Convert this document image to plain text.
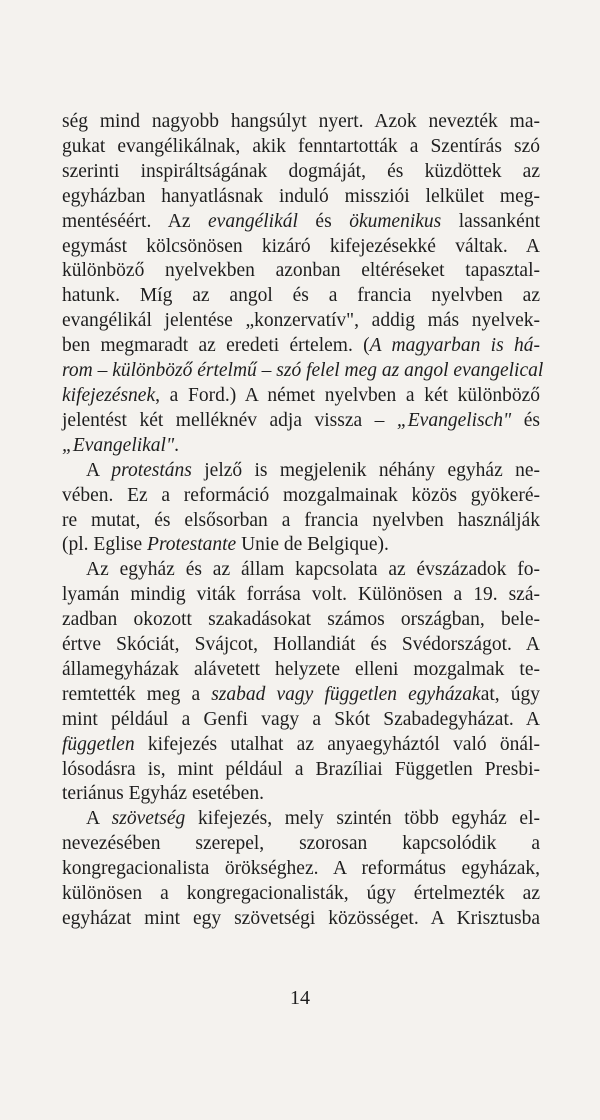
ség mind nagyobb hangsúlyt nyert. Azok nevezték ma-
gukat evangélikálnak, akik fenntartották a Szentírás szó
szerinti inspiráltságának dogmáját, és küzdöttek az
egyházban hanyatlásnak induló missziói lelkület meg-
mentéséért. Az evangélikál és ökumenikus lassanként
egymást kölcsönösen kizáró kifejezésekké váltak. A
különböző nyelvekben azonban eltéréseket tapasztal-
hatunk. Míg az angol és a francia nyelvben az
evangélikál jelentése „konzervatív", addig más nyelvek-
ben megmaradt az eredeti értelem. (A magyarban is há-
rom – különböző értelmű – szó felel meg az angol evangelical
kifejezésnek, a Ford.) A német nyelvben a két különböző
jelentést két melléknév adja vissza – „Evangelisch" és
„Evangelikal".
A protestáns jelző is megjelenik néhány egyház ne-
vében. Ez a reformáció mozgalmainak közös gyökeré-
re mutat, és elsősorban a francia nyelvben használják
(pl. Eglise Protestante Unie de Belgique).
Az egyház és az állam kapcsolata az évszázadok fo-
lyamán mindig viták forrása volt. Különösen a 19. szá-
zadban okozott szakadásokat számos országban, bele-
értve Skóciát, Svájcot, Hollandiát és Svédországot. A
államegyházak alávetett helyzete elleni mozgalmak te-
remtették meg a szabad vagy független egyházakat, úgy
mint például a Genfi vagy a Skót Szabadegyházat. A
független kifejezés utalhat az anyaegyháztól való önál-
lósodásra is, mint például a Brazíliai Független Presbi-
teriánus Egyház esetében.
A szövetség kifejezés, mely szintén több egyház el-
nevezésében szerepel, szorosan kapcsolódik a
kongregacionalista örökséghez. A református egyházak,
különösen a kongregacionalisták, úgy értelmezték az
egyházat mint egy szövetségi közösséget. A Krisztusba
14
